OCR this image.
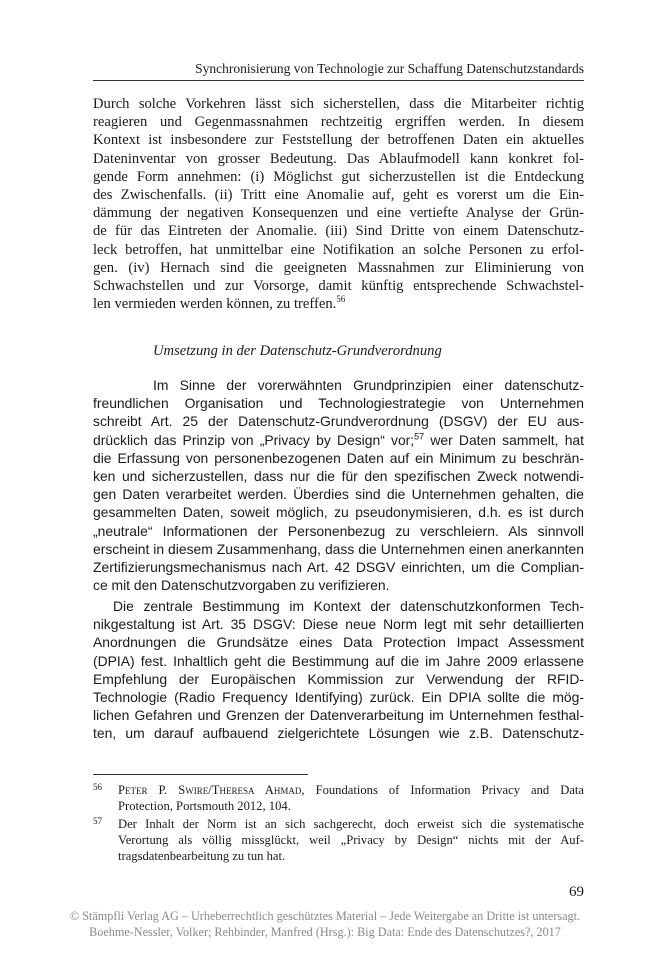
Synchronisierung von Technologie zur Schaffung Datenschutzstandards
Durch solche Vorkehren lässt sich sicherstellen, dass die Mitarbeiter richtig
reagieren und Gegenmassnahmen rechtzeitig ergriffen werden. In diesem
Kontext ist insbesondere zur Feststellung der betroffenen Daten ein aktuelles
Dateninventar von grosser Bedeutung. Das Ablaufmodell kann konkret fol-
gende Form annehmen: (i) Möglichst gut sicherzustellen ist die Entdeckung
des Zwischenfalls. (ii) Tritt eine Anomalie auf, geht es vorerst um die Ein-
dämmung der negativen Konsequenzen und eine vertiefte Analyse der Grün-
de für das Eintreten der Anomalie. (iii) Sind Dritte von einem Datenschutz-
leck betroffen, hat unmittelbar eine Notifikation an solche Personen zu erfol-
gen. (iv) Hernach sind die geeigneten Massnahmen zur Eliminierung von
Schwachstellen und zur Vorsorge, damit künftig entsprechende Schwachstel-
len vermieden werden können, zu treffen.$^{56}$
Umsetzung in der Datenschutz-Grundverordnung
Im Sinne der vorerwähnten Grundprinzipien einer datenschutz-
freundlichen Organisation und Technologiestrategie von Unternehmen
schreibt Art. 25 der Datenschutz-Grundverordnung (DSGV) der EU aus-
drücklich das Prinzip von „Privacy by Design“ vor;$^{57}$ wer Daten sammelt, hat
die Erfassung von personenbezogenen Daten auf ein Minimum zu beschrän-
ken und sicherzustellen, dass nur die für den spezifischen Zweck notwendi-
gen Daten verarbeitet werden. Überdies sind die Unternehmen gehalten, die
gesammelten Daten, soweit möglich, zu pseudonymisieren, d.h. es ist durch
„neutrale“ Informationen der Personenbezug zu verschleiern. Als sinnvoll
erscheint in diesem Zusammenhang, dass die Unternehmen einen anerkannten
Zertifizierungsmechanismus nach Art. 42 DSGV einrichten, um die Complian-
ce mit den Datenschutzvorgaben zu verifizieren.
Die zentrale Bestimmung im Kontext der datenschutzkonformen Tech-
nikgestaltung ist Art. 35 DSGV: Diese neue Norm legt mit sehr detaillierten
Anordnungen die Grundsätze eines Data Protection Impact Assessment
(DPIA) fest. Inhaltlich geht die Bestimmung auf die im Jahre 2009 erlassene
Empfehlung der Europäischen Kommission zur Verwendung der RFID-
Technologie (Radio Frequency Identifying) zurück. Ein DPIA sollte die mög-
lichen Gefahren und Grenzen der Datenverarbeitung im Unternehmen festhal-
ten, um darauf aufbauend zielgerichtete Lösungen wie z.B. Datenschutz-
56 Peter P. Swire/Theresa Ahmad, Foundations of Information Privacy and Data
Protection, Portsmouth 2012, 104.
57 Der Inhalt der Norm ist an sich sachgerecht, doch erweist sich die systematische
Verortung als völlig missglückt, weil „Privacy by Design“ nichts mit der Auf-
tragsdatenbearbeitung zu tun hat.
69
© Stämpfli Verlag AG – Urheberrechtlich geschütztes Material – Jede Weitergabe an Dritte ist untersagt.
Boehme-Nessler, Volker; Rehbinder, Manfred (Hrsg.): Big Data: Ende des Datenschutzes?, 2017
